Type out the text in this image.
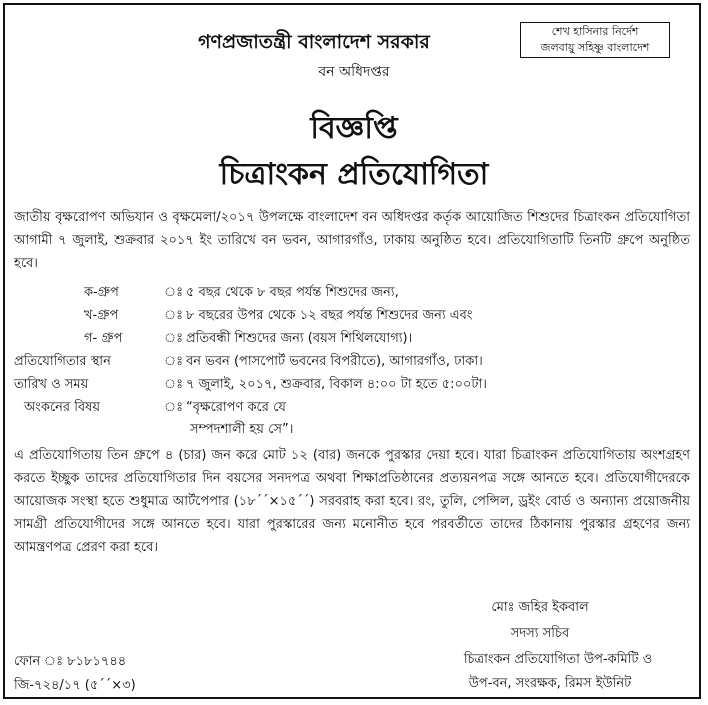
শেখ হাসিনার নির্দেশ
জলবায়ু সহিষ্ণু বাংলাদেশ
গণপ্রজাতন্ত্রী বাংলাদেশ সরকার
বন অধিদপ্তর
বিজ্ঞপ্তি
চিত্রাংকন প্রতিযোগিতা
জাতীয় বৃক্ষরোপণ অভিযান ও বৃক্ষমেলা/২০১৭ উপলক্ষে বাংলাদেশ বন অধিদপ্তর কর্তৃক আয়োজিত শিশুদের চিত্রাংকন প্রতিযোগিতা আগামী ৭ জুলাই, শুক্রবার ২০১৭ ইং তারিখে বন ভবন, আগারগাঁও, ঢাকায় অনুষ্ঠিত হবে। প্রতিযোগিতাটি তিনটি গ্রুপে অনুষ্ঠিত হবে।
ক-গ্রুপ	ঃ ৫ বছর থেকে ৮ বছর পর্যন্ত শিশুদের জন্য,
খ-গ্রুপ	ঃ ৮ বছরের উপর থেকে ১২ বছর পর্যন্ত শিশুদের জন্য এবং
গ- গ্রুপ	ঃ প্রতিবন্ধী শিশুদের জন্য (বয়স শিথিলযোগ্য)।
প্রতিযোগিতার স্থান	ঃ বন ভবন (পাসপোর্ট ভবনের বিপরীতে), আগারগাঁও, ঢাকা।
তারিখ ও সময়	ঃ ৭ জুলাই, ২০১৭, শুক্রবার, বিকাল ৪:০০ টা হতে ৫:০০টা।
অংকনের বিষয়	ঃ “বৃক্ষরোপণ করে যে
সম্পদশালী হয় সে”।
এ প্রতিযোগিতায় তিন গ্রুপে ৪ (চার) জন করে মোট ১২ (বার) জনকে পুরস্কার দেয়া হবে। যারা চিত্রাংকন প্রতিযোগিতায় অংশগ্রহণ করতে ইচ্ছুক তাদের প্রতিযোগিতার দিন বয়সের সনদপত্র অথবা শিক্ষাপ্রতিষ্ঠানের প্রত্যয়নপত্র সঙ্গে আনতে হবে। প্রতিযোগীদেরকে আয়োজক সংস্থা হতে শুধুমাত্র আর্টপেপার (১৮´´×১৫´´) সরবরাহ করা হবে। রং, তুলি, পেন্সিল, ড্রইং বোর্ড ও অন্যান্য প্রয়োজনীয় সামগ্রী প্রতিযোগীদের সঙ্গে আনতে হবে। যারা পুরস্কারের জন্য মনোনীত হবে পরবর্তীতে তাদের ঠিকানায় পুরস্কার গ্রহণের জন্য আমন্ত্রণপত্র প্রেরণ করা হবে।
মোঃ জহির ইকবাল
সদস্য সচিব
চিত্রাংকন প্রতিযোগিতা উপ-কমিটি ও
উপ-বন, সংরক্ষক, রিমস ইউনিট
ফোন ঃ ৮১৮১৭৪৪
জি-৭২৪/১৭ (৫´´×৩)
